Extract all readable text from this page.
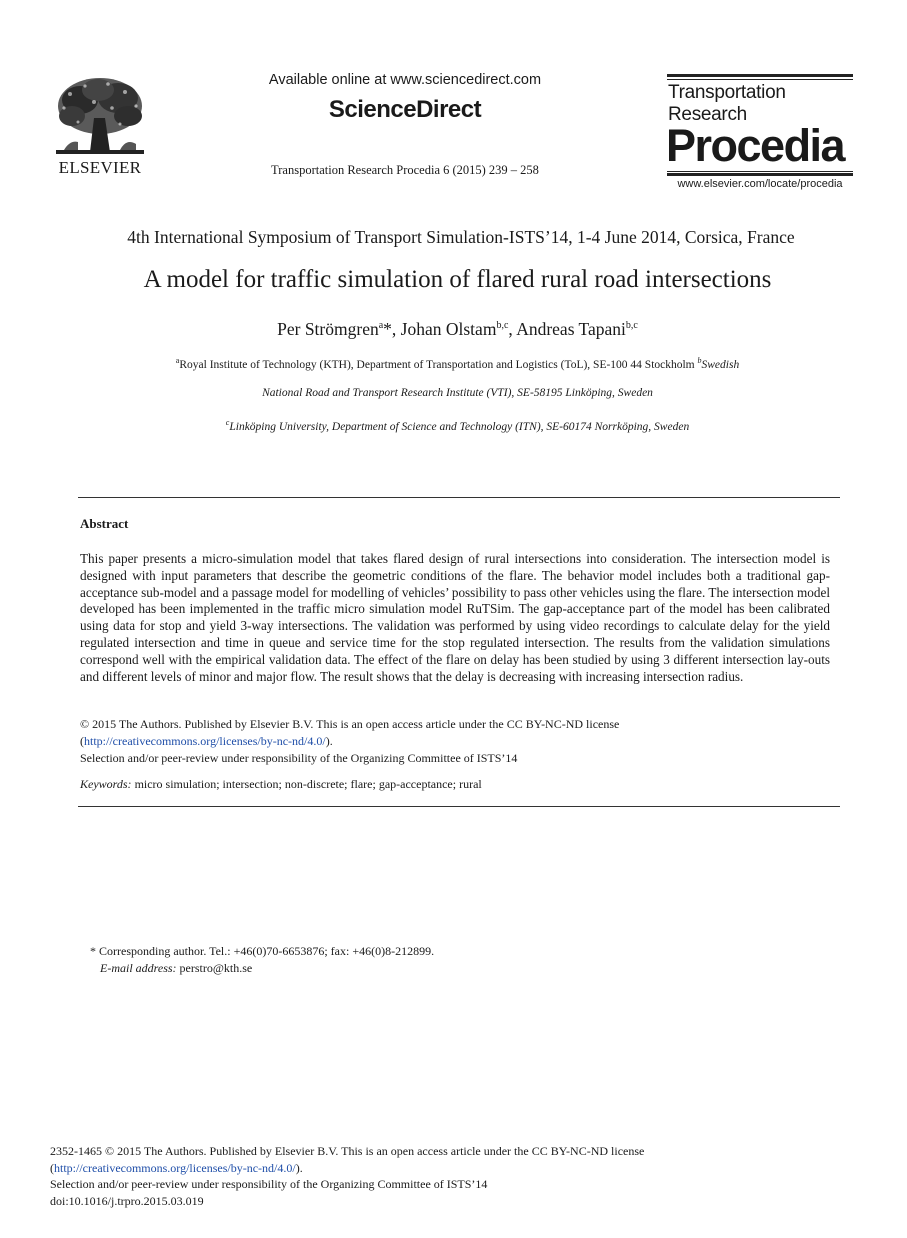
ELSEVIER
Available online at www.sciencedirect.com
ScienceDirect
Transportation Research Procedia 6 (2015) 239 – 258
Transportation
Research
Procedia
www.elsevier.com/locate/procedia
4th International Symposium of Transport Simulation-ISTS’14, 1-4 June 2014, Corsica, France
A model for traffic simulation of flared rural road intersections
Per Strömgren$^a$*, Johan Olstam$^{b,c}$, Andreas Tapani$^{b,c}$
$^a$Royal Institute of Technology (KTH), Department of Transportation and Logistics (ToL), SE-100 44 Stockholm $^b$Swedish
National Road and Transport Research Institute (VTI), SE-58195 Linköping, Sweden
$^c$Linköping University, Department of Science and Technology (ITN), SE-60174 Norrköping, Sweden
Abstract
This paper presents a micro-simulation model that takes flared design of rural intersections into consideration. The intersection model is designed with input parameters that describe the geometric conditions of the flare. The behavior model includes both a traditional gap-acceptance sub-model and a passage model for modelling of vehicles’ possibility to pass other vehicles using the flare. The intersection model developed has been implemented in the traffic micro simulation model RuTSim. The gap-acceptance part of the model has been calibrated using data for stop and yield 3-way intersections. The validation was performed by using video recordings to calculate delay for the yield regulated intersection and time in queue and service time for the stop regulated intersection. The results from the validation simulations correspond well with the empirical validation data. The effect of the flare on delay has been studied by using 3 different intersection lay-outs and different levels of minor and major flow. The result shows that the delay is decreasing with increasing intersection radius.
© 2015 The Authors. Published by Elsevier B.V. This is an open access article under the CC BY-NC-ND license
(http://creativecommons.org/licenses/by-nc-nd/4.0/).
Selection and/or peer-review under responsibility of the Organizing Committee of ISTS’14
Keywords: micro simulation; intersection; non-discrete; flare; gap-acceptance; rural
* Corresponding author. Tel.: +46(0)70-6653876; fax: +46(0)8-212899.
E-mail address: perstro@kth.se
2352-1465 © 2015 The Authors. Published by Elsevier B.V. This is an open access article under the CC BY-NC-ND license
(http://creativecommons.org/licenses/by-nc-nd/4.0/).
Selection and/or peer-review under responsibility of the Organizing Committee of ISTS’14
doi:10.1016/j.trpro.2015.03.019
